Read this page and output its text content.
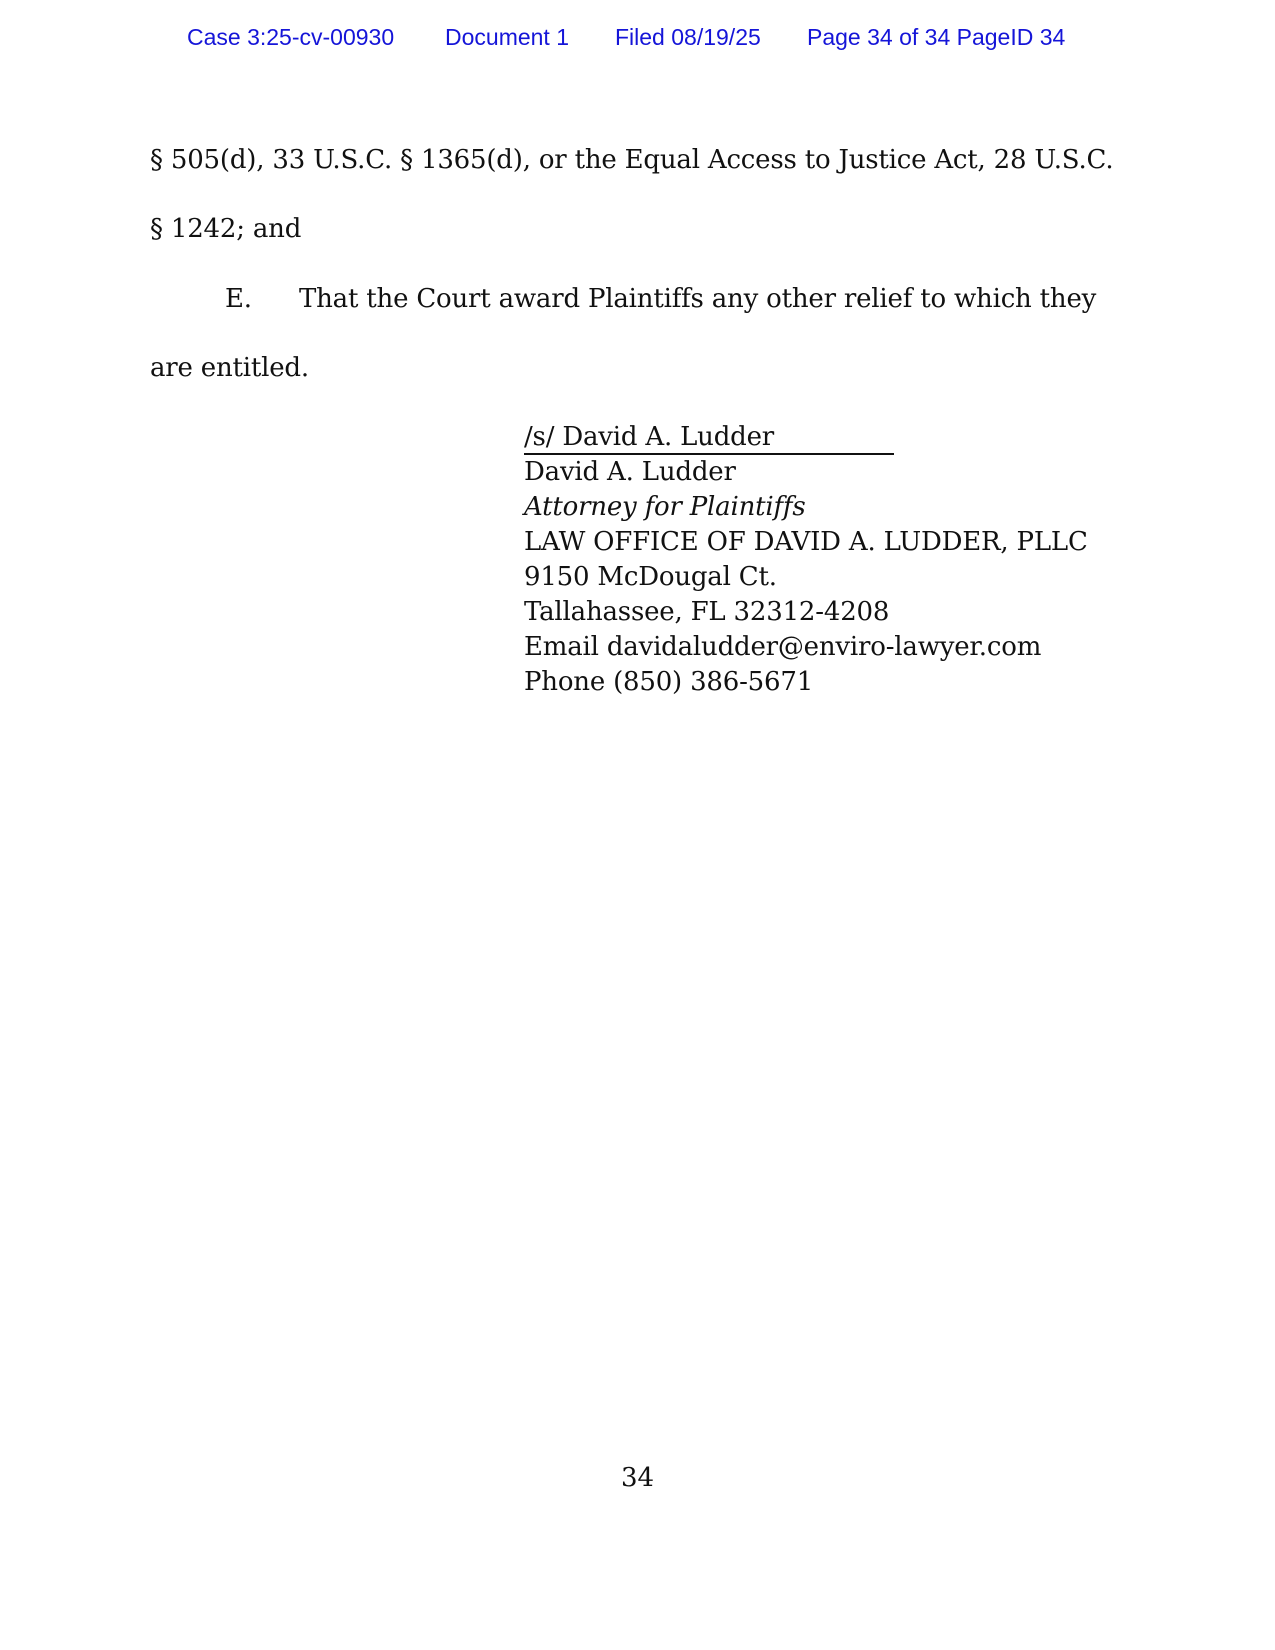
Case 3:25-cv-00930 Document 1 Filed 08/19/25 Page 34 of 34 PageID 34
§ 505(d), 33 U.S.C. § 1365(d), or the Equal Access to Justice Act, 28 U.S.C.
§ 1242; and
E. That the Court award Plaintiffs any other relief to which they
are entitled.
/s/ David A. Ludder
David A. Ludder
Attorney for Plaintiffs
LAW OFFICE OF DAVID A. LUDDER, PLLC
9150 McDougal Ct.
Tallahassee, FL 32312-4208
Email davidaludder@enviro-lawyer.com
Phone (850) 386-5671
34
